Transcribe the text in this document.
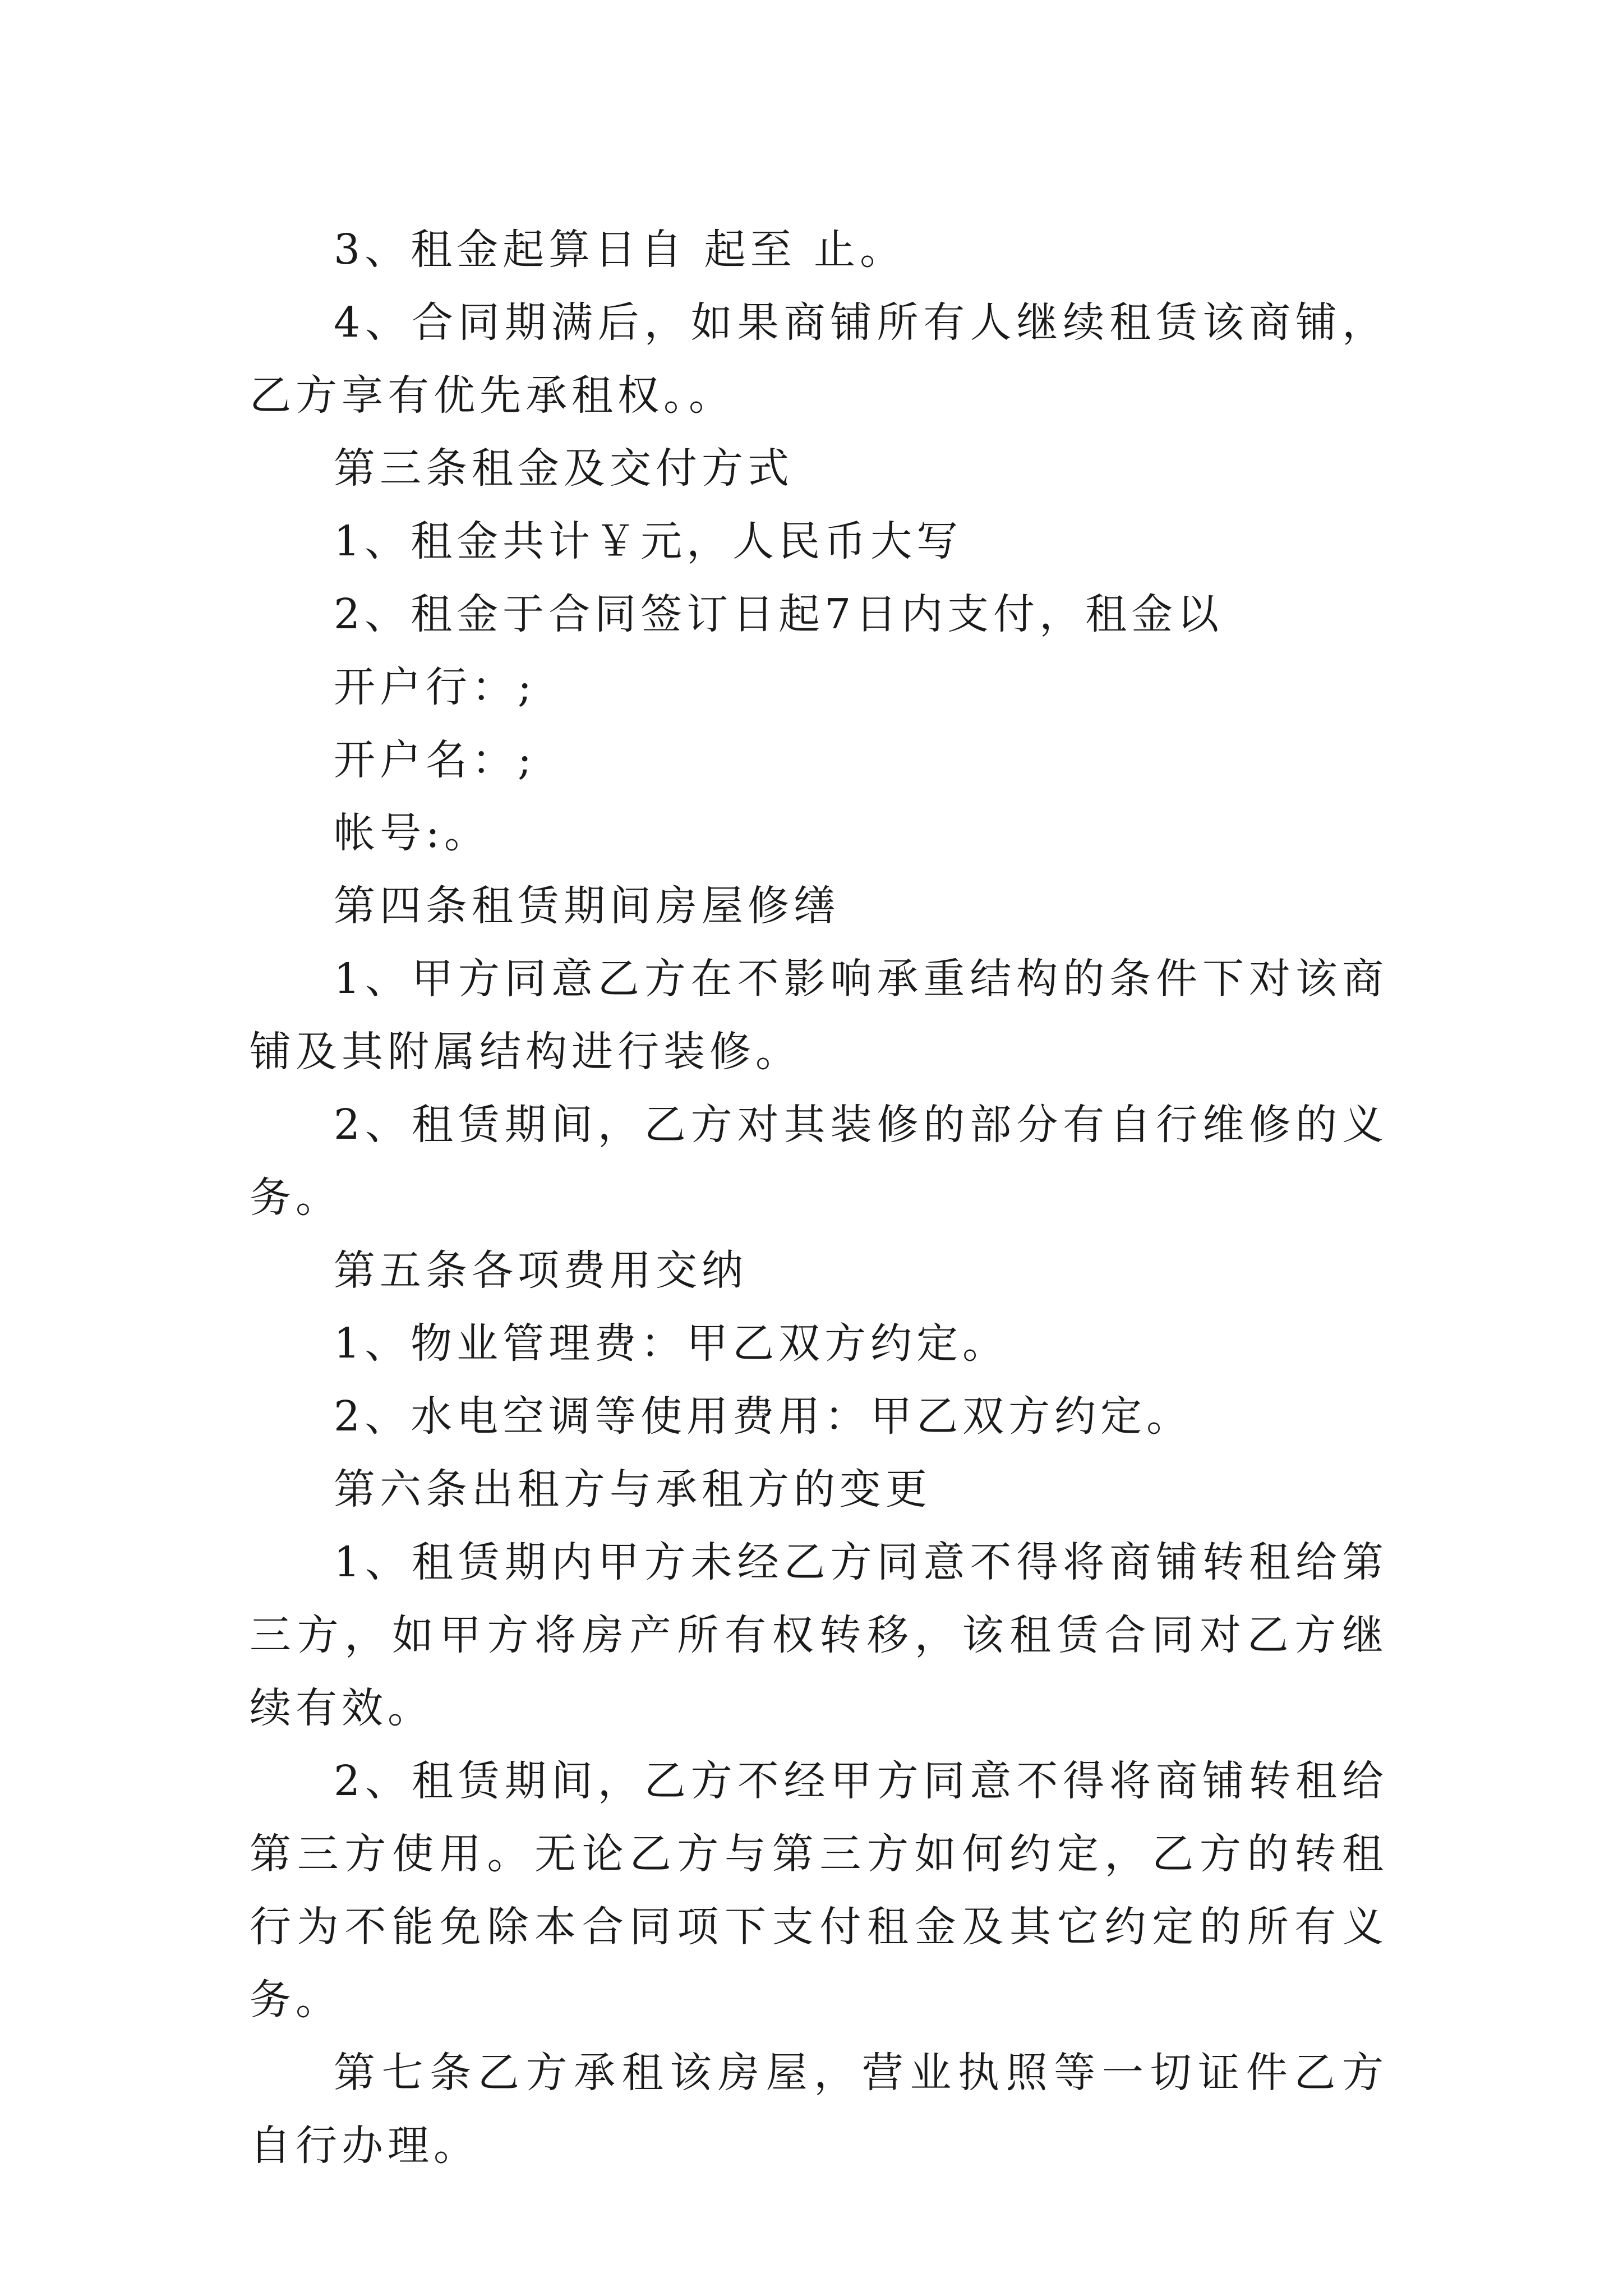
3、租金起算日自 起至 止。

4、合同期满后，如果商铺所有人继续租赁该商铺，乙方享有优先承租权。。

第三条租金及交付方式

1、租金共计￥元，人民币大写

2、租金于合同签订日起7日内支付，租金以

开户行：;

开户名：;

帐号:。

第四条租赁期间房屋修缮

1、甲方同意乙方在不影响承重结构的条件下对该商铺及其附属结构进行装修。

2、租赁期间，乙方对其装修的部分有自行维修的义务。

第五条各项费用交纳

1、物业管理费：甲乙双方约定。

2、水电空调等使用费用：甲乙双方约定。

第六条出租方与承租方的变更

1、租赁期内甲方未经乙方同意不得将商铺转租给第三方，如甲方将房产所有权转移，该租赁合同对乙方继续有效。

2、租赁期间，乙方不经甲方同意不得将商铺转租给第三方使用。无论乙方与第三方如何约定，乙方的转租行为不能免除本合同项下支付租金及其它约定的所有义务。

第七条乙方承租该房屋，营业执照等一切证件乙方自行办理。
